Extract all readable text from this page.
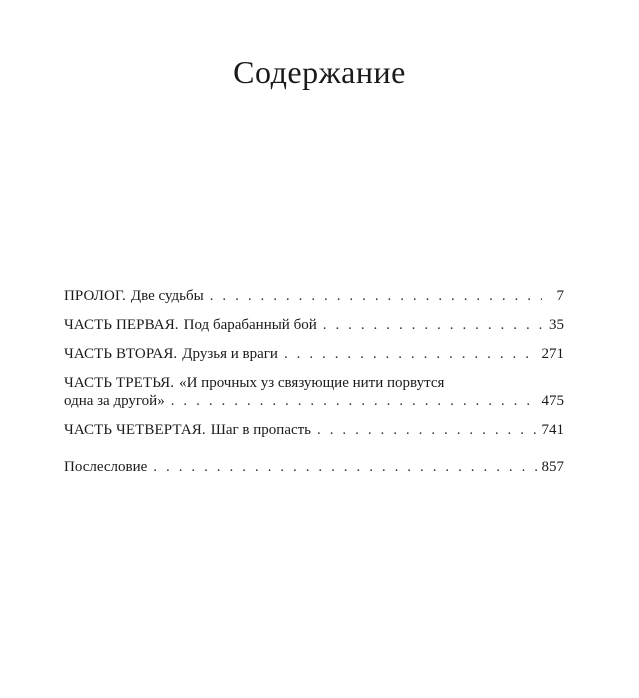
Содержание
ПРОЛОГ. Две судьбы . . .	7
ЧАСТЬ ПЕРВАЯ. Под барабанный бой . . .	35
ЧАСТЬ ВТОРАЯ. Друзья и враги . . .	271
ЧАСТЬ ТРЕТЬЯ. «И прочных уз связующие нити порвутся
одна за другой» . . .	475
ЧАСТЬ ЧЕТВЕРТАЯ. Шаг в пропасть . . .	741
Послесловие . . .	857
